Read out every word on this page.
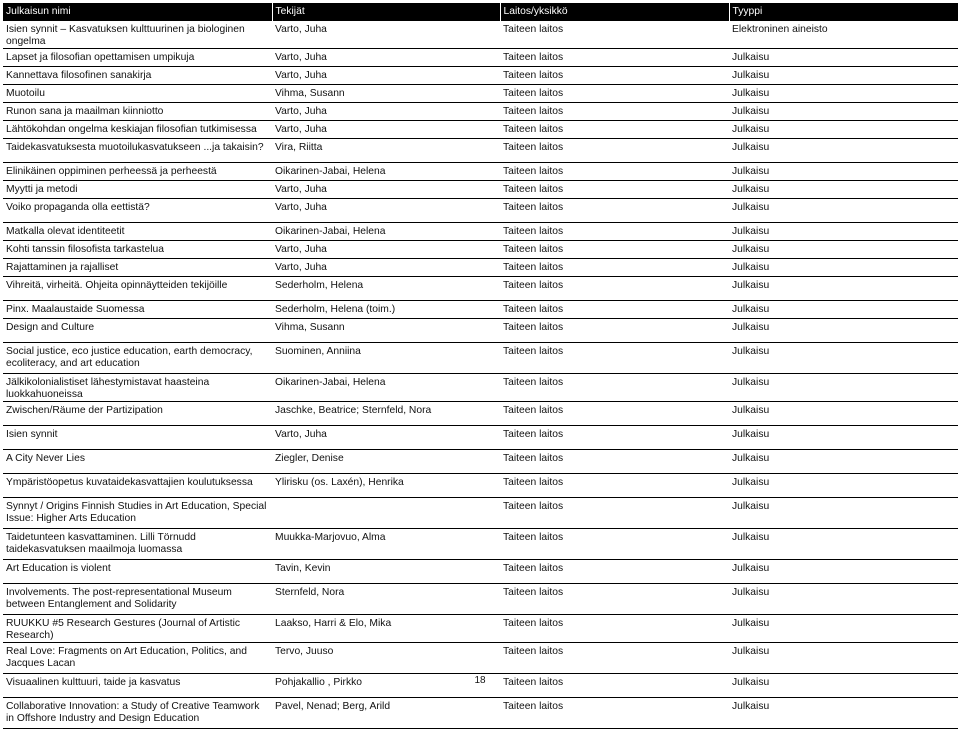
Julkaisun nimi	Tekijät	Laitos/yksikkö	Tyyppi
Isien synnit – Kasvatuksen kulttuurinen ja biologinen ongelma	Varto, Juha	Taiteen laitos	Elektroninen aineisto
Lapset ja filosofian opettamisen umpikuja	Varto, Juha	Taiteen laitos	Julkaisu
Kannettava filosofinen sanakirja	Varto, Juha	Taiteen laitos	Julkaisu
Muotoilu	Vihma, Susann	Taiteen laitos	Julkaisu
Runon sana ja maailman kiinniotto	Varto, Juha	Taiteen laitos	Julkaisu
Lähtökohdan ongelma keskiajan filosofian tutkimisessa	Varto, Juha	Taiteen laitos	Julkaisu
Taidekasvatuksesta muotoilukasvatukseen ...ja takaisin?	Vira, Riitta	Taiteen laitos	Julkaisu
Elinikäinen oppiminen perheessä ja perheestä	Oikarinen-Jabai, Helena	Taiteen laitos	Julkaisu
Myytti ja metodi	Varto, Juha	Taiteen laitos	Julkaisu
Voiko propaganda olla eettistä?	Varto, Juha	Taiteen laitos	Julkaisu
Matkalla olevat identiteetit	Oikarinen-Jabai, Helena	Taiteen laitos	Julkaisu
Kohti tanssin filosofista tarkastelua	Varto, Juha	Taiteen laitos	Julkaisu
Rajattaminen ja rajalliset	Varto, Juha	Taiteen laitos	Julkaisu
Vihreitä, virheitä. Ohjeita opinnäytteiden tekijöille	Sederholm, Helena	Taiteen laitos	Julkaisu
Pinx. Maalaustaide Suomessa	Sederholm, Helena (toim.)	Taiteen laitos	Julkaisu
Design and Culture	Vihma, Susann	Taiteen laitos	Julkaisu
Social justice, eco justice education, earth democracy, ecoliteracy, and art education	Suominen, Anniina	Taiteen laitos	Julkaisu
Jälkikolonialistiset lähestymistavat haasteina luokkahuoneissa	Oikarinen-Jabai, Helena	Taiteen laitos	Julkaisu
Zwischen/Räume der Partizipation	Jaschke, Beatrice; Sternfeld, Nora	Taiteen laitos	Julkaisu
Isien synnit	Varto, Juha	Taiteen laitos	Julkaisu
A City Never Lies	Ziegler, Denise	Taiteen laitos	Julkaisu
Ympäristöopetus kuvataidekasvattajien koulutuksessa	Ylirisku (os. Laxén), Henrika	Taiteen laitos	Julkaisu
Synnyt / Origins Finnish Studies in Art Education, Special Issue: Higher Arts Education		Taiteen laitos	Julkaisu
Taidetunteen kasvattaminen. Lilli Törnudd taidekasvatuksen maailmoja luomassa	Muukka-Marjovuo, Alma	Taiteen laitos	Julkaisu
Art Education is violent	Tavin, Kevin	Taiteen laitos	Julkaisu
Involvements. The post-representational Museum between Entanglement and Solidarity	Sternfeld, Nora	Taiteen laitos	Julkaisu
RUUKKU #5 Research Gestures (Journal of Artistic Research)	Laakso, Harri & Elo, Mika	Taiteen laitos	Julkaisu
Real Love: Fragments on Art Education, Politics, and Jacques Lacan	Tervo, Juuso	Taiteen laitos	Julkaisu
Visuaalinen kulttuuri, taide ja kasvatus	Pohjakallio , Pirkko	Taiteen laitos	Julkaisu
Collaborative Innovation: a Study of Creative Teamwork in Offshore Industry and Design Education	Pavel, Nenad; Berg, Arild	Taiteen laitos	Julkaisu
18
